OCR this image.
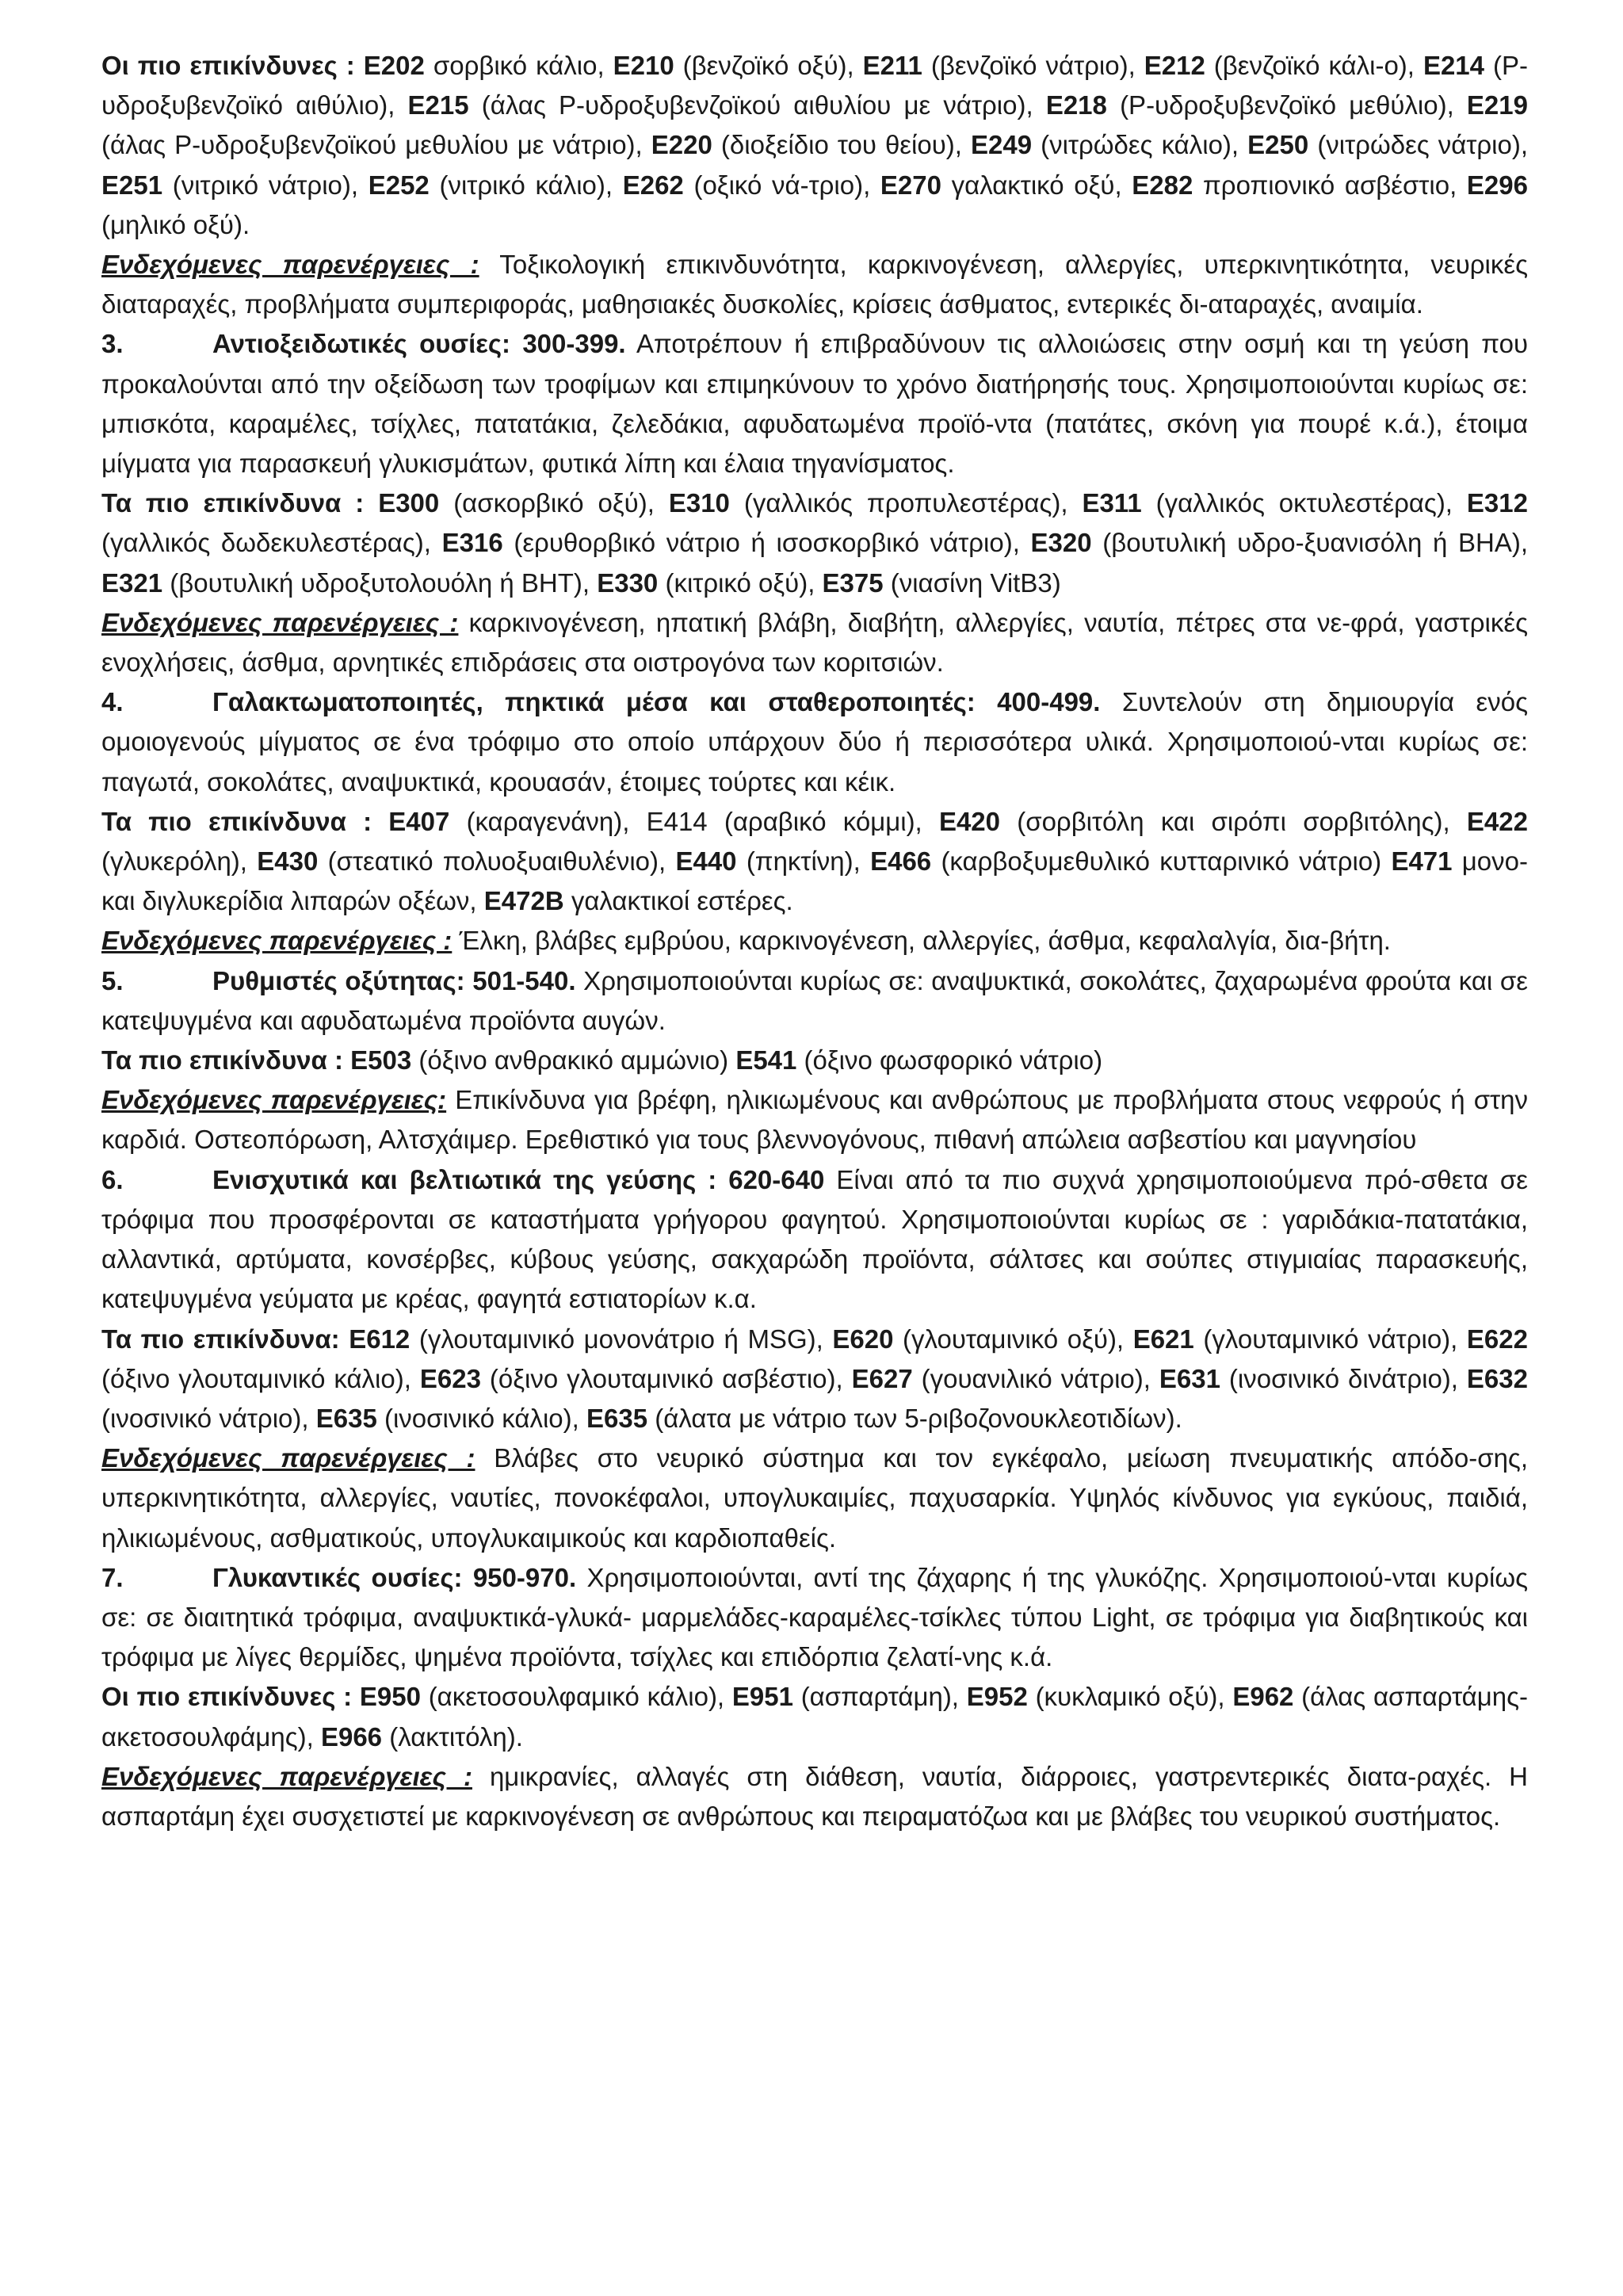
Οι πιο επικίνδυνες : E202 σορβικό κάλιο, E210 (βενζοϊκό οξύ), E211 (βενζοϊκό νάτριο), E212 (βενζοϊκό κάλι-ο), E214 (P-υδροξυβενζοϊκό αιθύλιο), E215 (άλας P-υδροξυβενζοϊκού αιθυλίου με νάτριο), E218 (P-υδροξυβενζοϊκό μεθύλιο), E219 (άλας P-υδροξυβενζοϊκού μεθυλίου με νάτριο), E220 (διοξείδιο του θείου), E249 (νιτρώδες κάλιο), E250 (νιτρώδες νάτριο), E251 (νιτρικό νάτριο), E252 (νιτρικό κάλιο), E262 (οξικό νά-τριο), E270 γαλακτικό οξύ, E282 προπιονικό ασβέστιο, E296 (μηλικό οξύ).

Ενδεχόμενες παρενέργειες : Τοξικολογική επικινδυνότητα, καρκινογένεση, αλλεργίες, υπερκινητικότητα, νευρικές διαταραχές, προβλήματα συμπεριφοράς, μαθησιακές δυσκολίες, κρίσεις άσθματος, εντερικές δι-αταραχές, αναιμία.

3.	Αντιοξειδωτικές ουσίες: 300-399. Αποτρέπουν ή επιβραδύνουν τις αλλοιώσεις στην οσμή και τη γεύση που προκαλούνται από την οξείδωση των τροφίμων και επιμηκύνουν το χρόνο διατήρησής τους. Χρησιμοποιούνται κυρίως σε: μπισκότα, καραμέλες, τσίχλες, πατατάκια, ζελεδάκια, αφυδατωμένα προϊό-ντα (πατάτες, σκόνη για πουρέ κ.ά.), έτοιμα μίγματα για παρασκευή γλυκισμάτων, φυτικά λίπη και έλαια τηγανίσματος.

Τα πιο επικίνδυνα : E300 (ασκορβικό οξύ), E310 (γαλλικός προπυλεστέρας), E311 (γαλλικός οκτυλεστέρας), E312 (γαλλικός δωδεκυλεστέρας), E316 (ερυθορβικό νάτριο ή ισοσκορβικό νάτριο), E320 (βουτυλική υδρο-ξυανισόλη ή BHA), E321 (βουτυλική υδροξυτολουόλη ή BHT), E330 (κιτρικό οξύ), E375 (νιασίνη VitB3)

Ενδεχόμενες παρενέργειες : καρκινογένεση, ηπατική βλάβη, διαβήτη, αλλεργίες, ναυτία, πέτρες στα νε-φρά, γαστρικές ενοχλήσεις, άσθμα, αρνητικές επιδράσεις στα οιστρογόνα των κοριτσιών.

4.	Γαλακτωματοποιητές, πηκτικά μέσα και σταθεροποιητές: 400-499. Συντελούν στη δημιουργία ενός ομοιογενούς μίγματος σε ένα τρόφιμο στο οποίο υπάρχουν δύο ή περισσότερα υλικά. Χρησιμοποιού-νται κυρίως σε: παγωτά, σοκολάτες, αναψυκτικά, κρουασάν, έτοιμες τούρτες και κέικ.

Τα πιο επικίνδυνα : E407 (καραγενάνη), Ε414 (αραβικό κόμμι), E420 (σορβιτόλη και σιρόπι σορβιτόλης), E422 (γλυκερόλη), E430 (στεατικό πολυοξυαιθυλένιο), E440 (πηκτίνη), E466 (καρβοξυμεθυλικό κυτταρινικό νάτριο) E471 μονο- και διγλυκερίδια λιπαρών οξέων, E472B γαλακτικοί εστέρες.

Ενδεχόμενες παρενέργειες : Έλκη, βλάβες εμβρύου, καρκινογένεση, αλλεργίες, άσθμα, κεφαλαλγία, δια-βήτη.

5.	Ρυθμιστές οξύτητας: 501-540. Χρησιμοποιούνται κυρίως σε: αναψυκτικά, σοκολάτες, ζαχαρωμένα φρούτα και σε κατεψυγμένα και αφυδατωμένα προϊόντα αυγών.

Τα πιο επικίνδυνα : E503 (όξινο ανθρακικό αμμώνιο) E541 (όξινο φωσφορικό νάτριο)

Ενδεχόμενες παρενέργειες: Επικίνδυνα για βρέφη, ηλικιωμένους και ανθρώπους με προβλήματα στους νεφρούς ή στην καρδιά. Οστεοπόρωση, Αλτσχάιμερ. Ερεθιστικό για τους βλεννογόνους, πιθανή απώλεια ασβεστίου και μαγνησίου

6.	Ενισχυτικά και βελτιωτικά της γεύσης : 620-640 Είναι από τα πιο συχνά χρησιμοποιούμενα πρό-σθετα σε τρόφιμα που προσφέρονται σε καταστήματα γρήγορου φαγητού. Χρησιμοποιούνται κυρίως σε : γαριδάκια-πατατάκια, αλλαντικά, αρτύματα, κονσέρβες, κύβους γεύσης, σακχαρώδη προϊόντα, σάλτσες και σούπες στιγμιαίας παρασκευής, κατεψυγμένα γεύματα με κρέας, φαγητά εστιατορίων κ.α.

Τα πιο επικίνδυνα: E612 (γλουταμινικό μονονάτριο ή MSG), E620 (γλουταμινικό οξύ), E621 (γλουταμινικό νάτριο), E622 (όξινο γλουταμινικό κάλιο), E623 (όξινο γλουταμινικό ασβέστιο), E627 (γουανιλικό νάτριο), E631 (ινοσινικό δινάτριο), E632 (ινοσινικό νάτριο), E635 (ινοσινικό κάλιο), E635 (άλατα με νάτριο των 5-ριβοζονουκλεοτιδίων).

Ενδεχόμενες παρενέργειες : Βλάβες στο νευρικό σύστημα και τον εγκέφαλο, μείωση πνευματικής απόδο-σης, υπερκινητικότητα, αλλεργίες, ναυτίες, πονοκέφαλοι, υπογλυκαιμίες, παχυσαρκία. Υψηλός κίνδυνος για εγκύους, παιδιά, ηλικιωμένους, ασθματικούς, υπογλυκαιμικούς και καρδιοπαθείς.

7.	Γλυκαντικές ουσίες: 950-970. Χρησιμοποιούνται, αντί της ζάχαρης ή της γλυκόζης. Χρησιμοποιού-νται κυρίως σε: σε διαιτητικά τρόφιμα, αναψυκτικά-γλυκά- μαρμελάδες-καραμέλες-τσίκλες τύπου Light, σε τρόφιμα για διαβητικούς και τρόφιμα με λίγες θερμίδες, ψημένα προϊόντα, τσίχλες και επιδόρπια ζελατί-νης κ.ά.

Οι πιο επικίνδυνες : E950 (ακετοσουλφαμικό κάλιο), E951 (ασπαρτάμη), E952 (κυκλαμικό οξύ), E962 (άλας ασπαρτάμης-ακετοσουλφάμης), E966 (λακτιτόλη).

Ενδεχόμενες παρενέργειες : ημικρανίες, αλλαγές στη διάθεση, ναυτία, διάρροιες, γαστρεντερικές διατα-ραχές. Η ασπαρτάμη έχει συσχετιστεί με καρκινογένεση σε ανθρώπους και πειραματόζωα και με βλάβες του νευρικού συστήματος.
